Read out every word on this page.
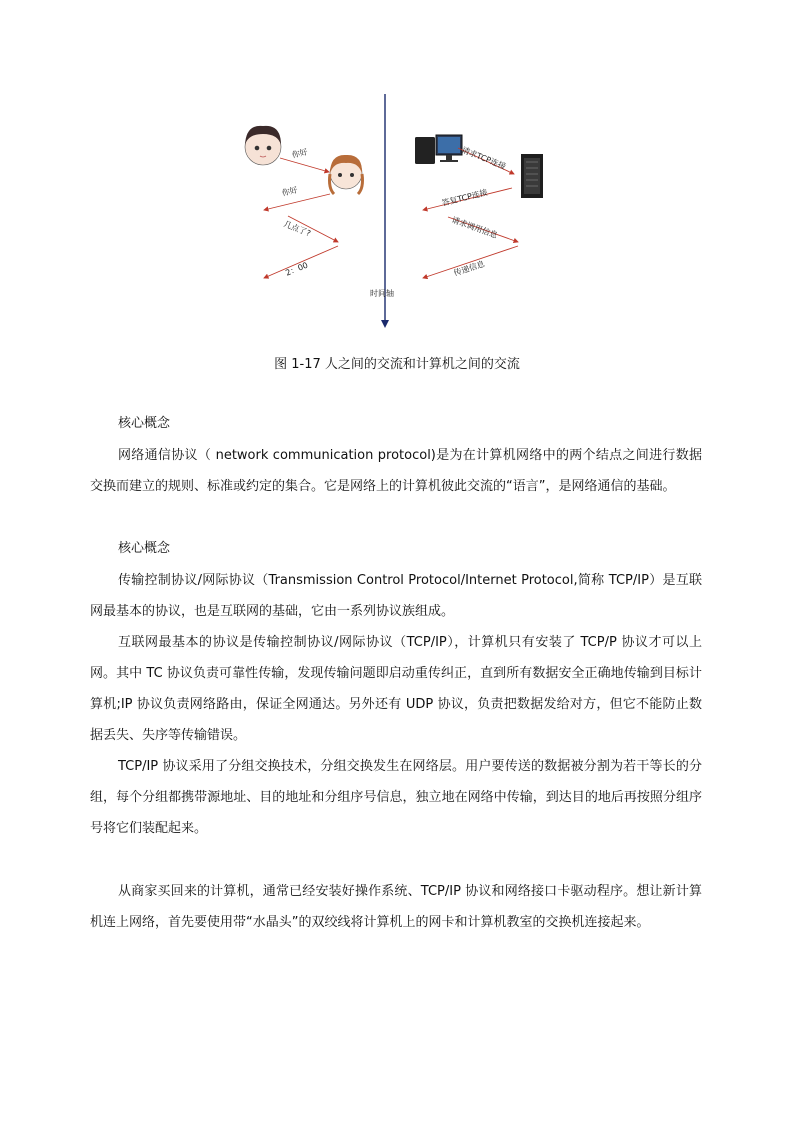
你好
你好
几点了?
2：00
请求TCP连接
答复TCP连接
请求调用信息
传递信息
时间轴
图 1-17 人之间的交流和计算机之间的交流

核心概念

网络通信协议（ network communication protocol)是为在计算机网络中的两个结点之间进行数据交换而建立的规则、标准或约定的集合。它是网络上的计算机彼此交流的“语言”，是网络通信的基础。

核心概念

传输控制协议/网际协议（Transmission Control Protocol/Internet Protocol,简称 TCP/IP）是互联网最基本的协议，也是互联网的基础，它由一系列协议族组成。

互联网最基本的协议是传输控制协议/网际协议（TCP/IP），计算机只有安装了 TCP/P 协议才可以上网。其中 TC 协议负责可靠性传输，发现传输问题即启动重传纠正，直到所有数据安全正确地传输到目标计算机;IP 协议负责网络路由，保证全网通达。另外还有 UDP 协议，负责把数据发给对方，但它不能防止数据丢失、失序等传输错误。

TCP/IP 协议采用了分组交换技术，分组交换发生在网络层。用户要传送的数据被分割为若干等长的分组，每个分组都携带源地址、目的地址和分组序号信息，独立地在网络中传输，到达目的地后再按照分组序号将它们装配起来。

从商家买回来的计算机，通常已经安装好操作系统、TCP/IP 协议和网络接口卡驱动程序。想让新计算机连上网络，首先要使用带“水晶头”的双绞线将计算机上的网卡和计算机教室的交换机连接起来。
